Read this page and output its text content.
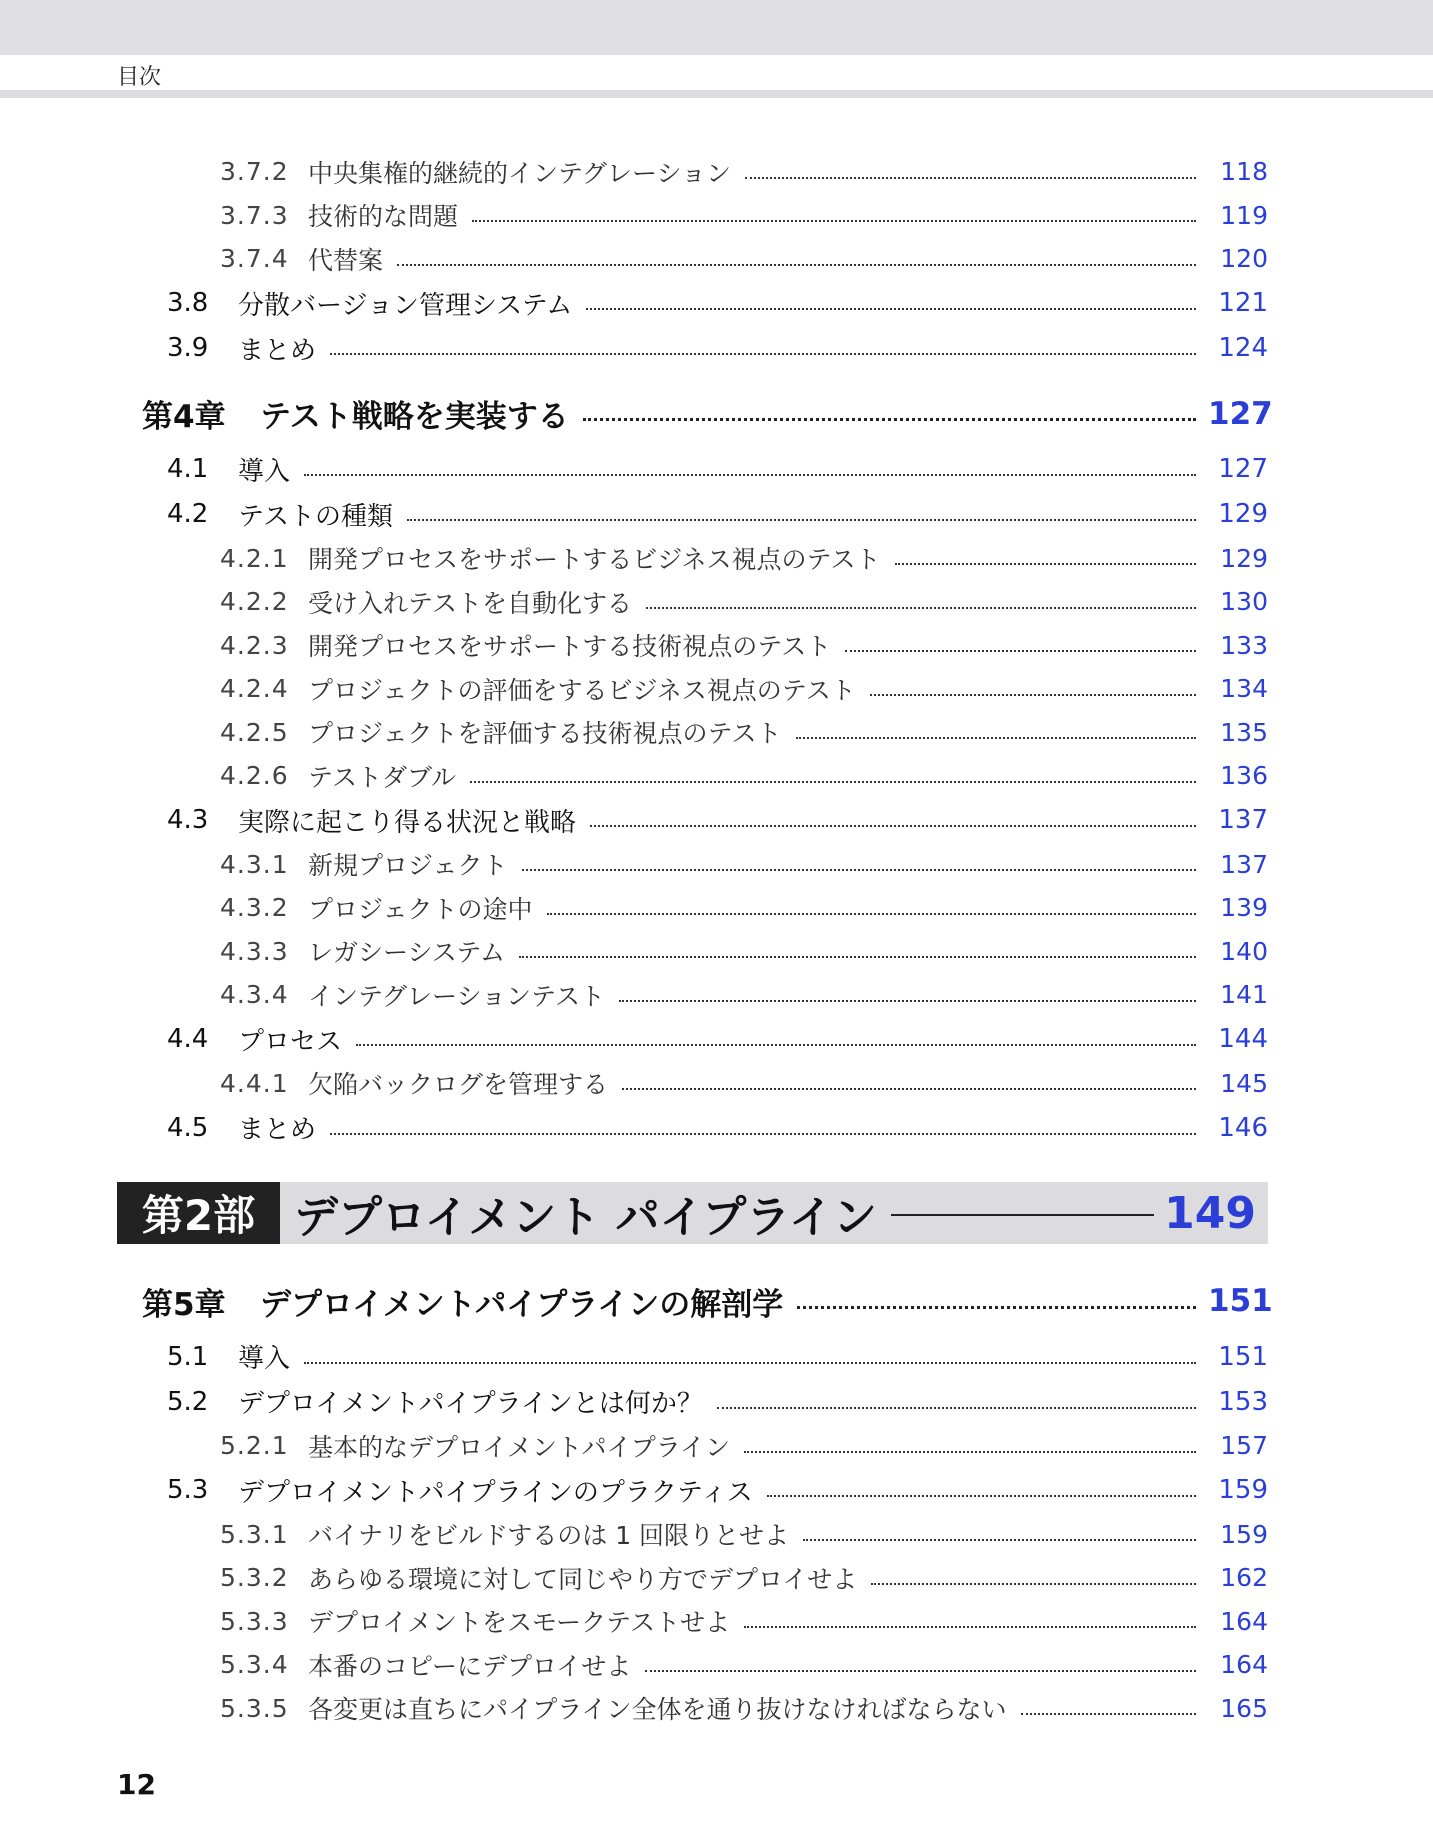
目次
3.7.2 中央集権的継続的インテグレーション	118
3.7.3 技術的な問題	119
3.7.4 代替案	120
3.8	分散バージョン管理システム	121
3.9	まとめ	124
第4章	テスト戦略を実装する	127
4.1	導入	127
4.2	テストの種類	129
4.2.1 開発プロセスをサポートするビジネス視点のテスト	129
4.2.2 受け入れテストを自動化する	130
4.2.3 開発プロセスをサポートする技術視点のテスト	133
4.2.4 プロジェクトの評価をするビジネス視点のテスト	134
4.2.5 プロジェクトを評価する技術視点のテスト	135
4.2.6 テストダブル	136
4.3	実際に起こり得る状況と戦略	137
4.3.1 新規プロジェクト	137
4.3.2 プロジェクトの途中	139
4.3.3 レガシーシステム	140
4.3.4 インテグレーションテスト	141
4.4	プロセス	144
4.4.1 欠陥バックログを管理する	145
4.5	まとめ	146
第2部 デプロイメント パイプライン	149
第5章	デプロイメントパイプラインの解剖学	151
5.1	導入	151
5.2	デプロイメントパイプラインとは何か？	153
5.2.1 基本的なデプロイメントパイプライン	157
5.3	デプロイメントパイプラインのプラクティス	159
5.3.1 バイナリをビルドするのは 1 回限りとせよ	159
5.3.2 あらゆる環境に対して同じやり方でデプロイせよ	162
5.3.3 デプロイメントをスモークテストせよ	164
5.3.4 本番のコピーにデプロイせよ	164
5.3.5 各変更は直ちにパイプライン全体を通り抜けなければならない	165
12
